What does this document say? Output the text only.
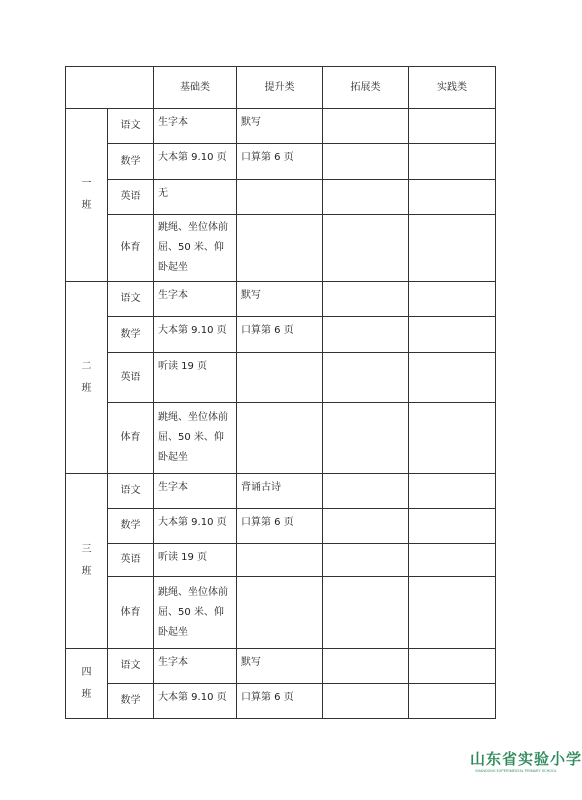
		基础类	提升类	拓展类	实践类
一
班	语文	生字本	默写		
	数学	大本第 9.10 页	口算第 6 页		
	英语	无			
	体育	跳绳、坐位体前屈、50 米、仰卧起坐			
二
班	语文	生字本	默写		
	数学	大本第 9.10 页	口算第 6 页		
	英语	听读 19 页			
	体育	跳绳、坐位体前屈、50 米、仰卧起坐			
三
班	语文	生字本	背诵古诗		
	数学	大本第 9.10 页	口算第 6 页		
	英语	听读 19 页			
	体育	跳绳、坐位体前屈、50 米、仰卧起坐			
四
班	语文	生字本	默写		
	数学	大本第 9.10 页	口算第 6 页		
山东省实验小学
SHANDONG EXPERIMENTAL PRIMARY SCHOOL
